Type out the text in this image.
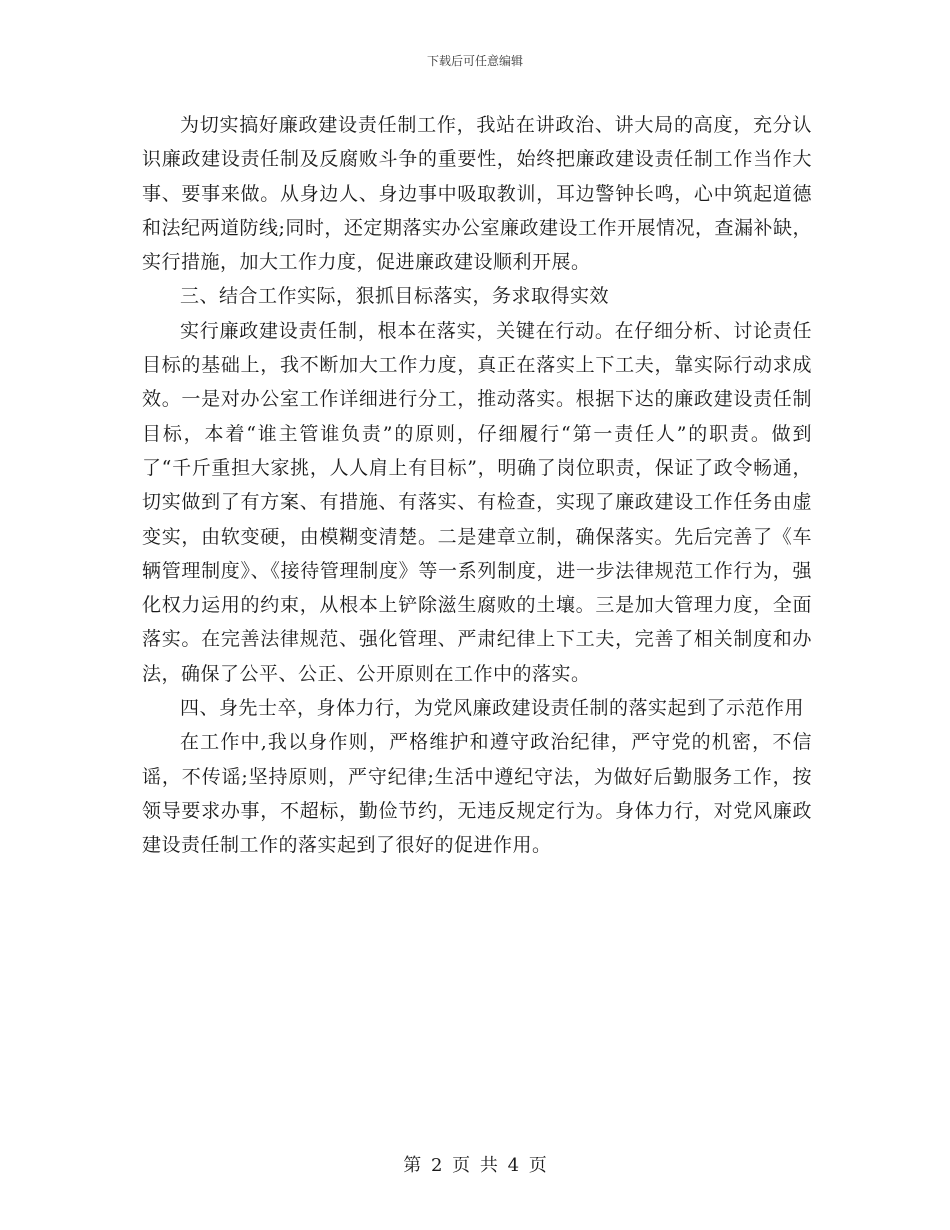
下载后可任意编辑

为切实搞好廉政建设责任制工作，我站在讲政治、讲大局的高度，充分认识廉政建设责任制及反腐败斗争的重要性，始终把廉政建设责任制工作当作大事、要事来做。从身边人、身边事中吸取教训，耳边警钟长鸣，心中筑起道德和法纪两道防线;同时，还定期落实办公室廉政建设工作开展情况，查漏补缺，实行措施，加大工作力度，促进廉政建设顺利开展。

三、结合工作实际，狠抓目标落实，务求取得实效

实行廉政建设责任制，根本在落实，关键在行动。在仔细分析、讨论责任目标的基础上，我不断加大工作力度，真正在落实上下工夫，靠实际行动求成效。一是对办公室工作详细进行分工，推动落实。根据下达的廉政建设责任制目标，本着“谁主管谁负责”的原则，仔细履行“第一责任人”的职责。做到了“千斤重担大家挑，人人肩上有目标”，明确了岗位职责，保证了政令畅通，切实做到了有方案、有措施、有落实、有检查，实现了廉政建设工作任务由虚变实，由软变硬，由模糊变清楚。二是建章立制，确保落实。先后完善了《车辆管理制度》、《接待管理制度》等一系列制度，进一步法律规范工作行为，强化权力运用的约束，从根本上铲除滋生腐败的土壤。三是加大管理力度，全面落实。在完善法律规范、强化管理、严肃纪律上下工夫，完善了相关制度和办法，确保了公平、公正、公开原则在工作中的落实。

四、身先士卒，身体力行，为党风廉政建设责任制的落实起到了示范作用

在工作中,我以身作则，严格维护和遵守政治纪律，严守党的机密，不信谣，不传谣;坚持原则，严守纪律;生活中遵纪守法，为做好后勤服务工作，按领导要求办事，不超标，勤俭节约，无违反规定行为。身体力行，对党风廉政建设责任制工作的落实起到了很好的促进作用。

第 2 页 共 4 页
